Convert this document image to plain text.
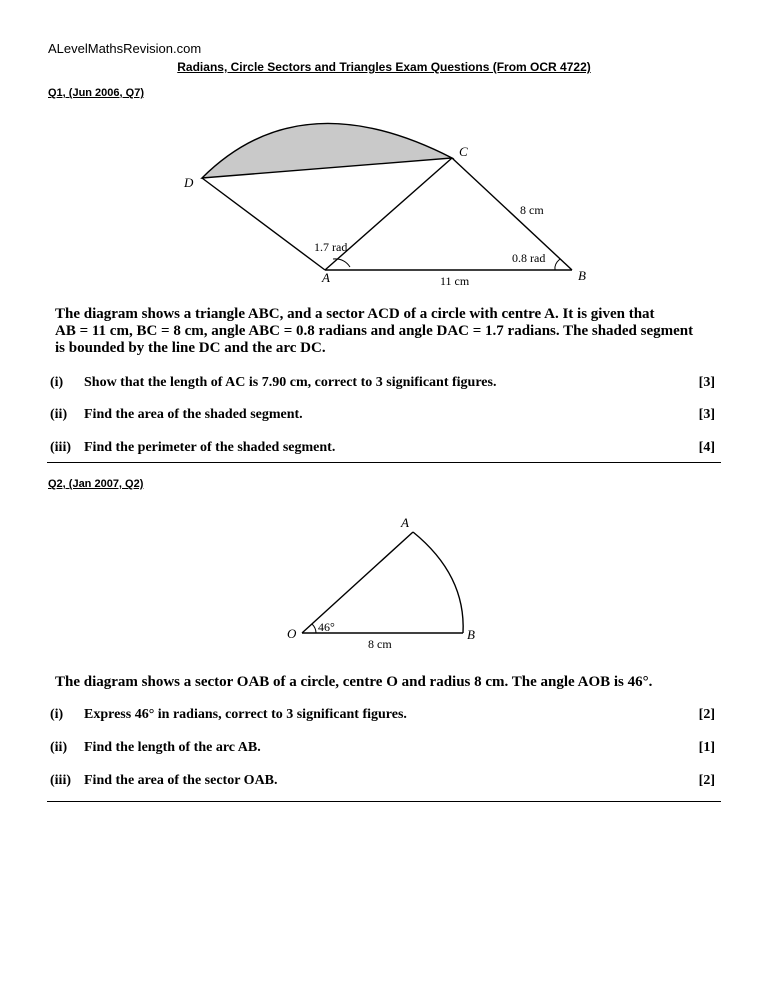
ALevelMathsRevision.com
Radians, Circle Sectors and Triangles Exam Questions (From OCR 4722)
Q1, (Jun 2006, Q7)
D
C
A	B
1.7 rad
0.8 rad
8 cm
11 cm
The diagram shows a triangle ABC, and a sector ACD of a circle with centre A. It is given that
AB = 11 cm, BC = 8 cm, angle ABC = 0.8 radians and angle DAC = 1.7 radians. The shaded segment
is bounded by the line DC and the arc DC.
(i) Show that the length of AC is 7.90 cm, correct to 3 significant figures.	[3]
(ii) Find the area of the shaded segment.	[3]
(iii) Find the perimeter of the shaded segment.	[4]
Q2, (Jan 2007, Q2)
A
O	B
46°
8 cm
The diagram shows a sector OAB of a circle, centre O and radius 8 cm. The angle AOB is 46°.
(i) Express 46° in radians, correct to 3 significant figures.	[2]
(ii) Find the length of the arc AB.	[1]
(iii) Find the area of the sector OAB.	[2]
